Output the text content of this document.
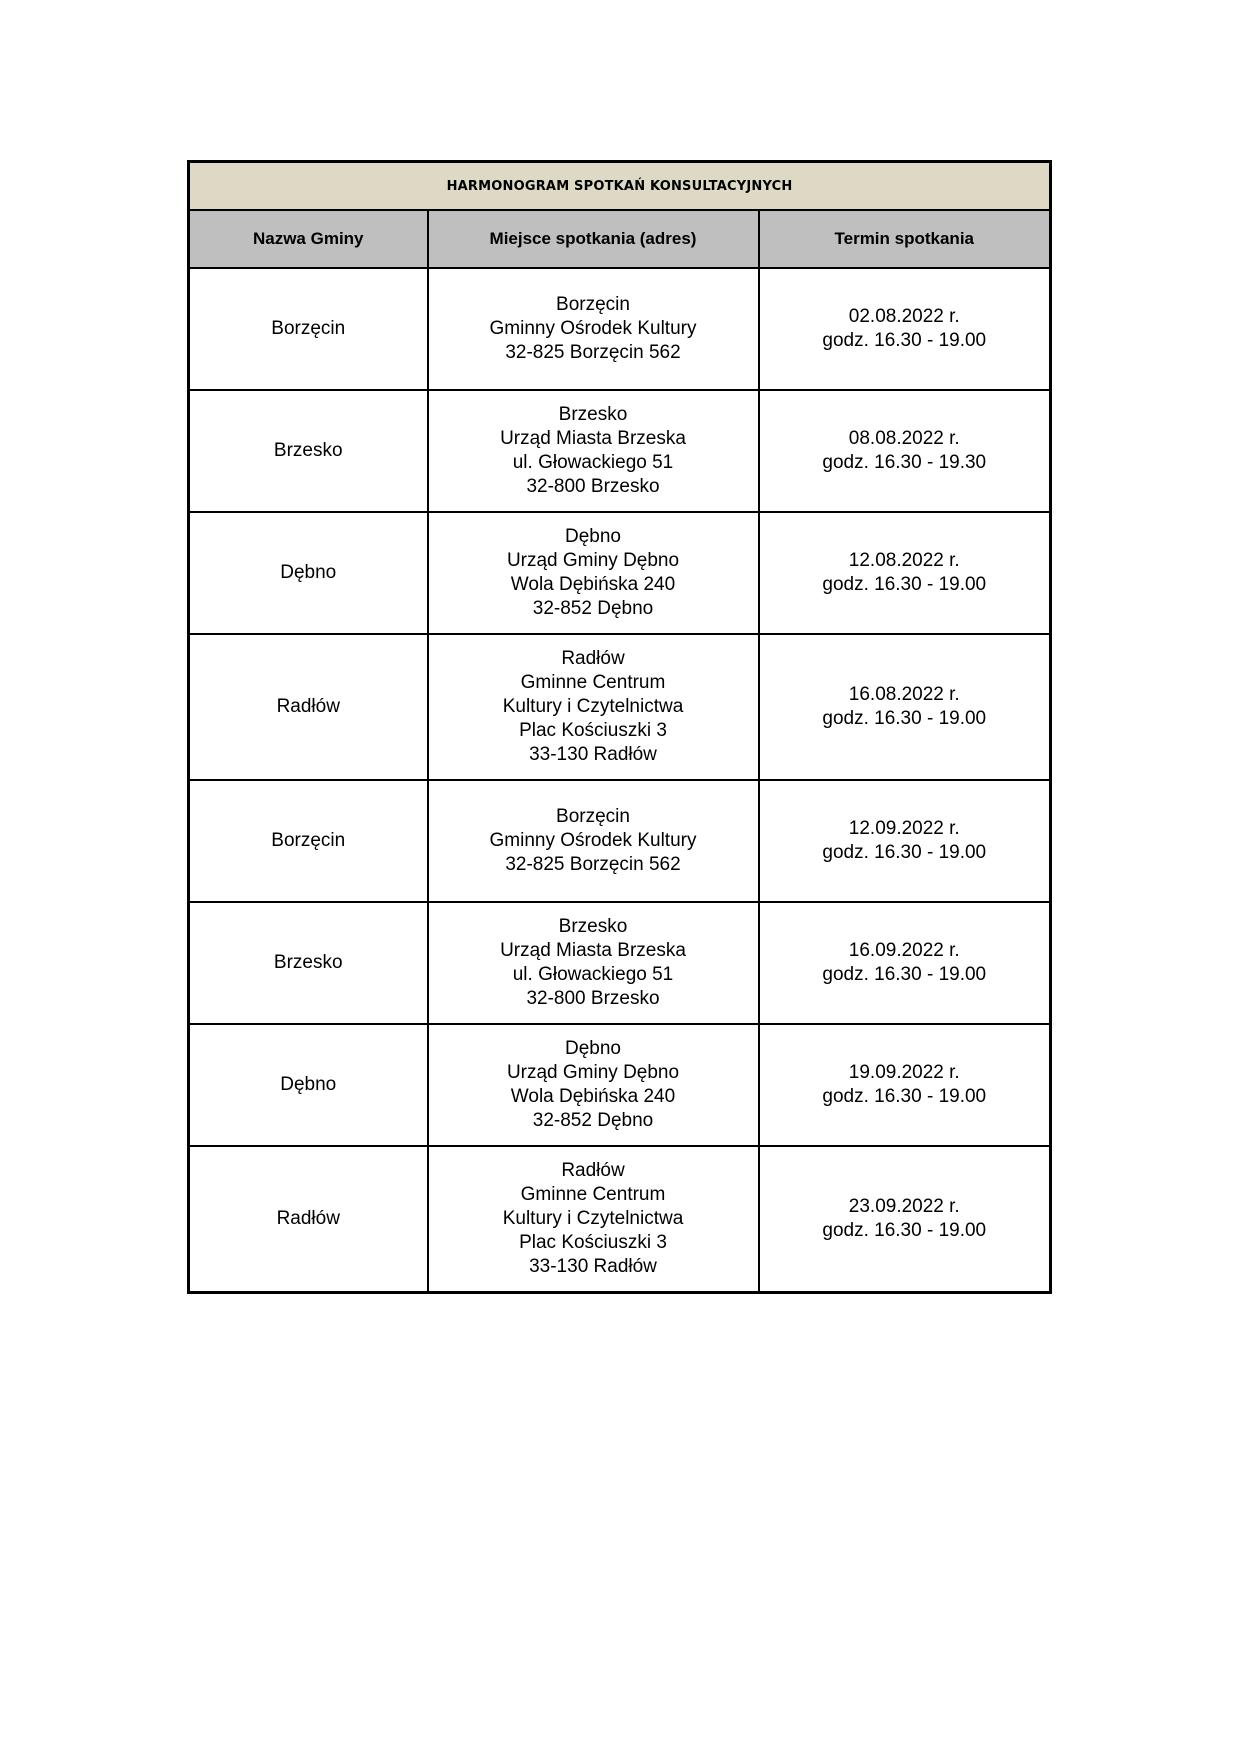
HARMONOGRAM SPOTKAŃ KONSULTACYJNYCH		
Nazwa Gminy	Miejsce spotkania (adres)	Termin spotkania
Borzęcin	Borzęcin
Gminny Ośrodek Kultury
32-825 Borzęcin 562	02.08.2022 r.
godz. 16.30 - 19.00

Brzesko	Brzesko
Urząd Miasta Brzeska
ul. Głowackiego 51
32-800 Brzesko	08.08.2022 r.
godz. 16.30 - 19.30

Dębno	Dębno
Urząd Gminy Dębno
Wola Dębińska 240
32-852 Dębno	12.08.2022 r.
godz. 16.30 - 19.00

Radłów	Radłów
Gminne Centrum
Kultury i Czytelnictwa
Plac Kościuszki 3
33-130 Radłów	16.08.2022 r.
godz. 16.30 - 19.00

Borzęcin	Borzęcin
Gminny Ośrodek Kultury
32-825 Borzęcin 562	12.09.2022 r.
godz. 16.30 - 19.00

Brzesko	Brzesko
Urząd Miasta Brzeska
ul. Głowackiego 51
32-800 Brzesko	16.09.2022 r.
godz. 16.30 - 19.00

Dębno	Dębno
Urząd Gminy Dębno
Wola Dębińska 240
32-852 Dębno	19.09.2022 r.
godz. 16.30 - 19.00

Radłów	Radłów
Gminne Centrum
Kultury i Czytelnictwa
Plac Kościuszki 3
33-130 Radłów	23.09.2022 r.
godz. 16.30 - 19.00
